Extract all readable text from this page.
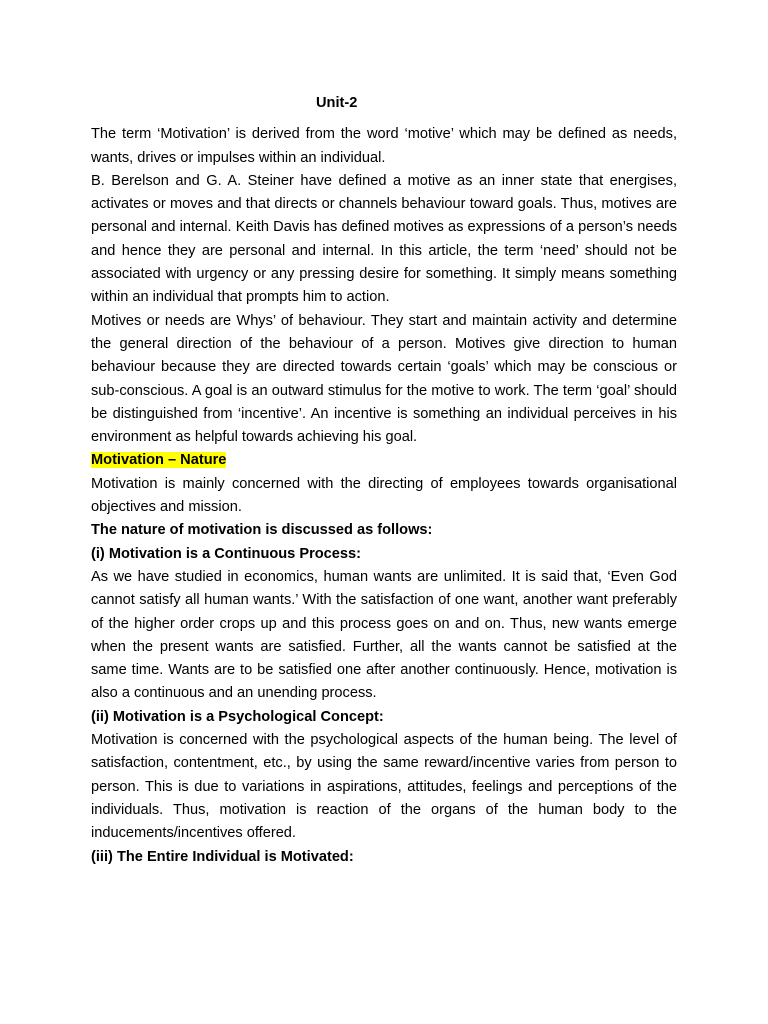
Unit-2

The term ‘Motivation’ is derived from the word ‘motive’ which may be defined as needs, wants, drives or impulses within an individual.

B. Berelson and G. A. Steiner have defined a motive as an inner state that energises, activates or moves and that directs or channels behaviour toward goals. Thus, motives are personal and internal. Keith Davis has defined motives as expressions of a person’s needs and hence they are personal and internal. In this article, the term ‘need’ should not be associated with urgency or any pressing desire for something. It simply means something within an individual that prompts him to action.

Motives or needs are Whys’ of behaviour. They start and maintain activity and determine the general direction of the behaviour of a person. Motives give direction to human behaviour because they are directed towards certain ‘goals’ which may be conscious or sub-conscious. A goal is an outward stimulus for the motive to work. The term ‘goal’ should be distinguished from ‘incentive’. An incentive is something an individual perceives in his environment as helpful towards achieving his goal.

Motivation – Nature

Motivation is mainly concerned with the directing of employees towards organisational objectives and mission.

The nature of motivation is discussed as follows:

(i) Motivation is a Continuous Process:

As we have studied in economics, human wants are unlimited. It is said that, ‘Even God cannot satisfy all human wants.’ With the satisfaction of one want, another want preferably of the higher order crops up and this process goes on and on. Thus, new wants emerge when the present wants are satisfied. Further, all the wants cannot be satisfied at the same time. Wants are to be satisfied one after another continuously. Hence, motivation is also a continuous and an unending process.

(ii) Motivation is a Psychological Concept:

Motivation is concerned with the psychological aspects of the human being. The level of satisfaction, contentment, etc., by using the same reward/incentive varies from person to person. This is due to variations in aspirations, attitudes, feelings and perceptions of the individuals. Thus, motivation is reaction of the organs of the human body to the inducements/incentives offered.

(iii) The Entire Individual is Motivated:
